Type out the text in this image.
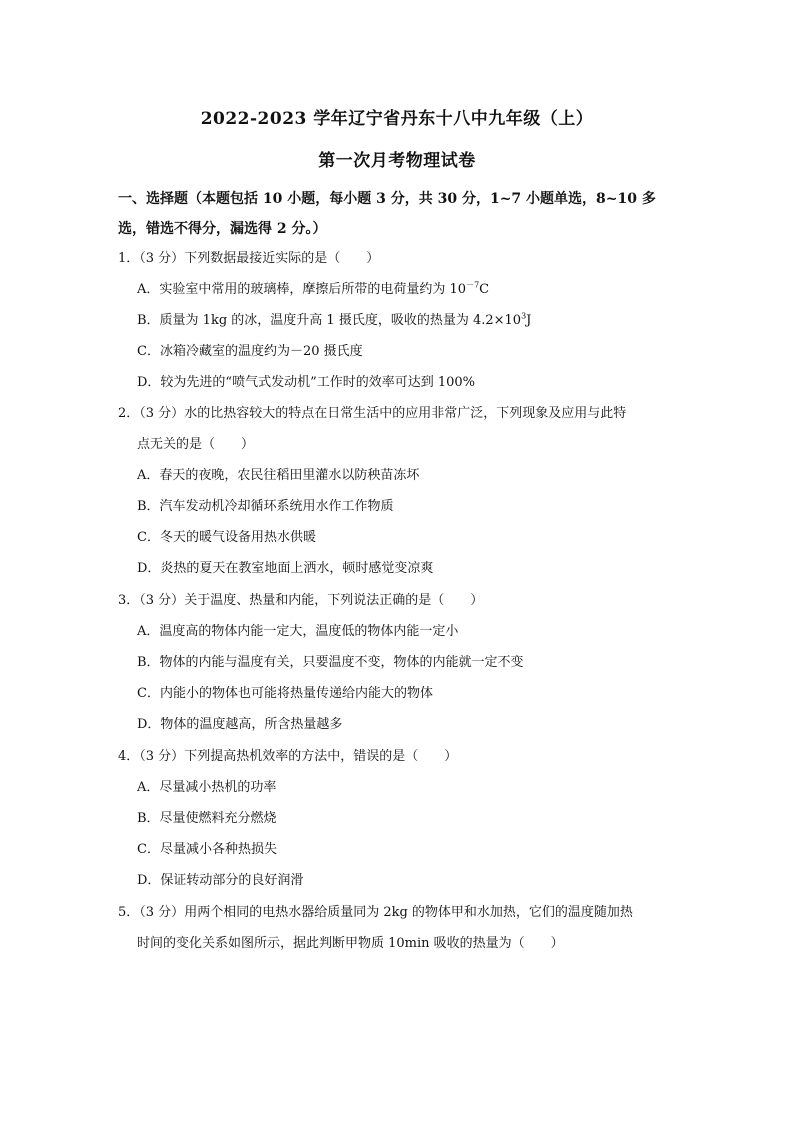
2022-2023 学年辽宁省丹东十八中九年级（上）
第一次月考物理试卷
一、选择题（本题包括 10 小题，每小题 3 分，共 30 分，1~7 小题单选，8~10 多选，错选不得分，漏选得 2 分。）
1．（3 分）下列数据最接近实际的是（　　）
A．实验室中常用的玻璃棒，摩擦后所带的电荷量约为 $10^{-7}C$
B．质量为 1kg 的冰，温度升高 1 摄氏度，吸收的热量为 $4.2\times 10^3J$
C．冰箱冷藏室的温度约为－20 摄氏度
D．较为先进的“喷气式发动机”工作时的效率可达到 100%
2．（3 分）水的比热容较大的特点在日常生活中的应用非常广泛，下列现象及应用与此特
点无关的是（　　）
A．春天的夜晚，农民往稻田里灌水以防秧苗冻坏
B．汽车发动机冷却循环系统用水作工作物质
C．冬天的暖气设备用热水供暖
D．炎热的夏天在教室地面上洒水，顿时感觉变凉爽
3．（3 分）关于温度、热量和内能，下列说法正确的是（　　）
A．温度高的物体内能一定大，温度低的物体内能一定小
B．物体的内能与温度有关，只要温度不变，物体的内能就一定不变
C．内能小的物体也可能将热量传递给内能大的物体
D．物体的温度越高，所含热量越多
4．（3 分）下列提高热机效率的方法中，错误的是（　　）
A．尽量减小热机的功率
B．尽量使燃料充分燃烧
C．尽量减小各种热损失
D．保证转动部分的良好润滑
5．（3 分）用两个相同的电热水器给质量同为 2kg 的物体甲和水加热，它们的温度随加热
时间的变化关系如图所示，据此判断甲物质 10min 吸收的热量为（　　）
